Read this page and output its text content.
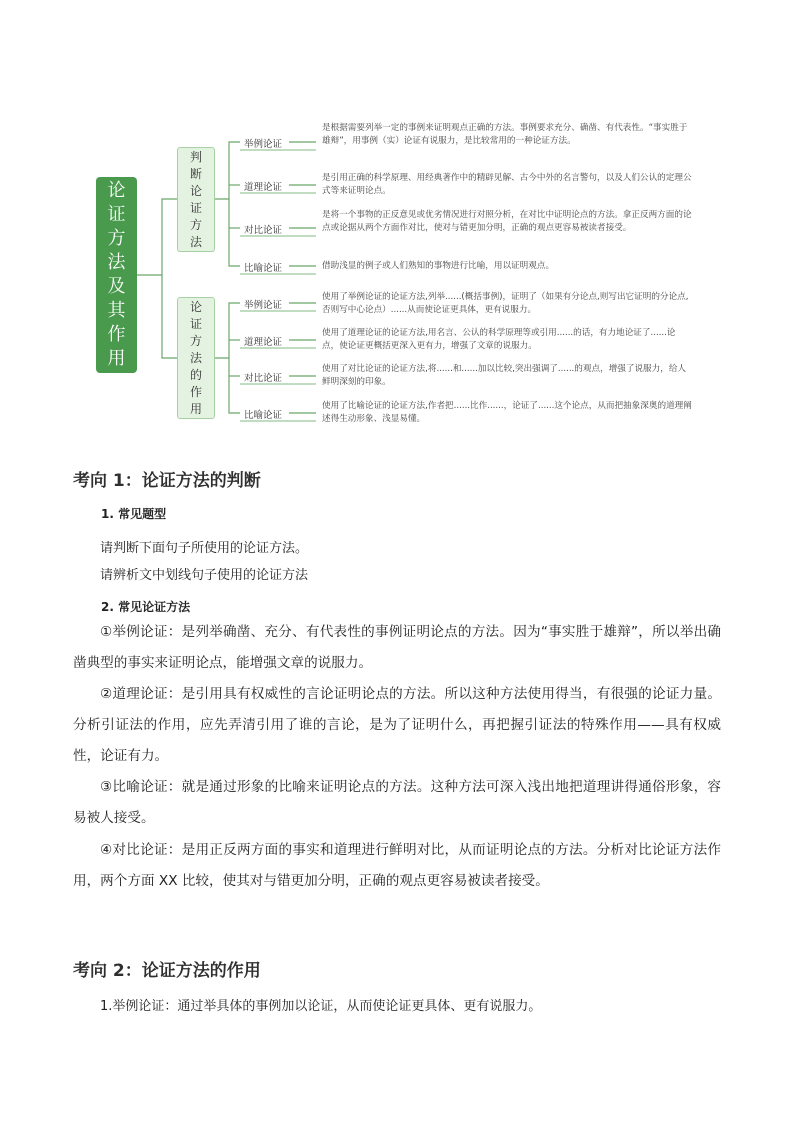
论证方法及其作用
判断论证方法
论证方法的作用
举例论证
道理论证
对比论证
比喻论证
是根据需要列举一定的事例来证明观点正确的方法。事例要求充分、确凿、有代表性。“事实胜于雄辩”，用事例（实）论证有说服力，是比较常用的一种论证方法。
是引用正确的科学原理、用经典著作中的精辟见解、古今中外的名言警句，以及人们公认的定理公式等来证明论点。
是将一个事物的正反意见或优劣情况进行对照分析，在对比中证明论点的方法。拿正反两方面的论点或论据从两个方面作对比，使对与错更加分明，正确的观点更容易被读者接受。
借助浅显的例子或人们熟知的事物进行比喻，用以证明观点。
举例论证
道理论证
对比论证
比喻论证
使用了举例论证的论证方法,列举......(概括事例)，证明了（如果有分论点,则写出它证明的分论点,否则写中心论点）......从而使论证更具体，更有说服力。
使用了道理论证的论证方法,用名言、公认的科学原理等或引用......的话，有力地论证了......论点，使论证更概括更深入更有力，增强了文章的说服力。
使用了对比论证的论证方法,将......和......加以比较,突出强调了......的观点，增强了说服力，给人鲜明深刻的印象。
使用了比喻论证的论证方法,作者把......比作......，论证了......这个论点，从而把抽象深奥的道理阐述得生动形象、浅显易懂。
考向 1：论证方法的判断
1. 常见题型
请判断下面句子所使用的论证方法。
请辨析文中划线句子使用的论证方法
2. 常见论证方法
①举例论证：是列举确凿、充分、有代表性的事例证明论点的方法。因为“事实胜于雄辩”，所以举出确凿典型的事实来证明论点，能增强文章的说服力。
②道理论证：是引用具有权威性的言论证明论点的方法。所以这种方法使用得当，有很强的论证力量。分析引证法的作用，应先弄清引用了谁的言论，是为了证明什么，再把握引证法的特殊作用——具有权威性，论证有力。
③比喻论证：就是通过形象的比喻来证明论点的方法。这种方法可深入浅出地把道理讲得通俗形象，容易被人接受。
④对比论证：是用正反两方面的事实和道理进行鲜明对比，从而证明论点的方法。分析对比论证方法作用，两个方面 XX 比较，使其对与错更加分明，正确的观点更容易被读者接受。
考向 2：论证方法的作用
1.举例论证：通过举具体的事例加以论证，从而使论证更具体、更有说服力。
